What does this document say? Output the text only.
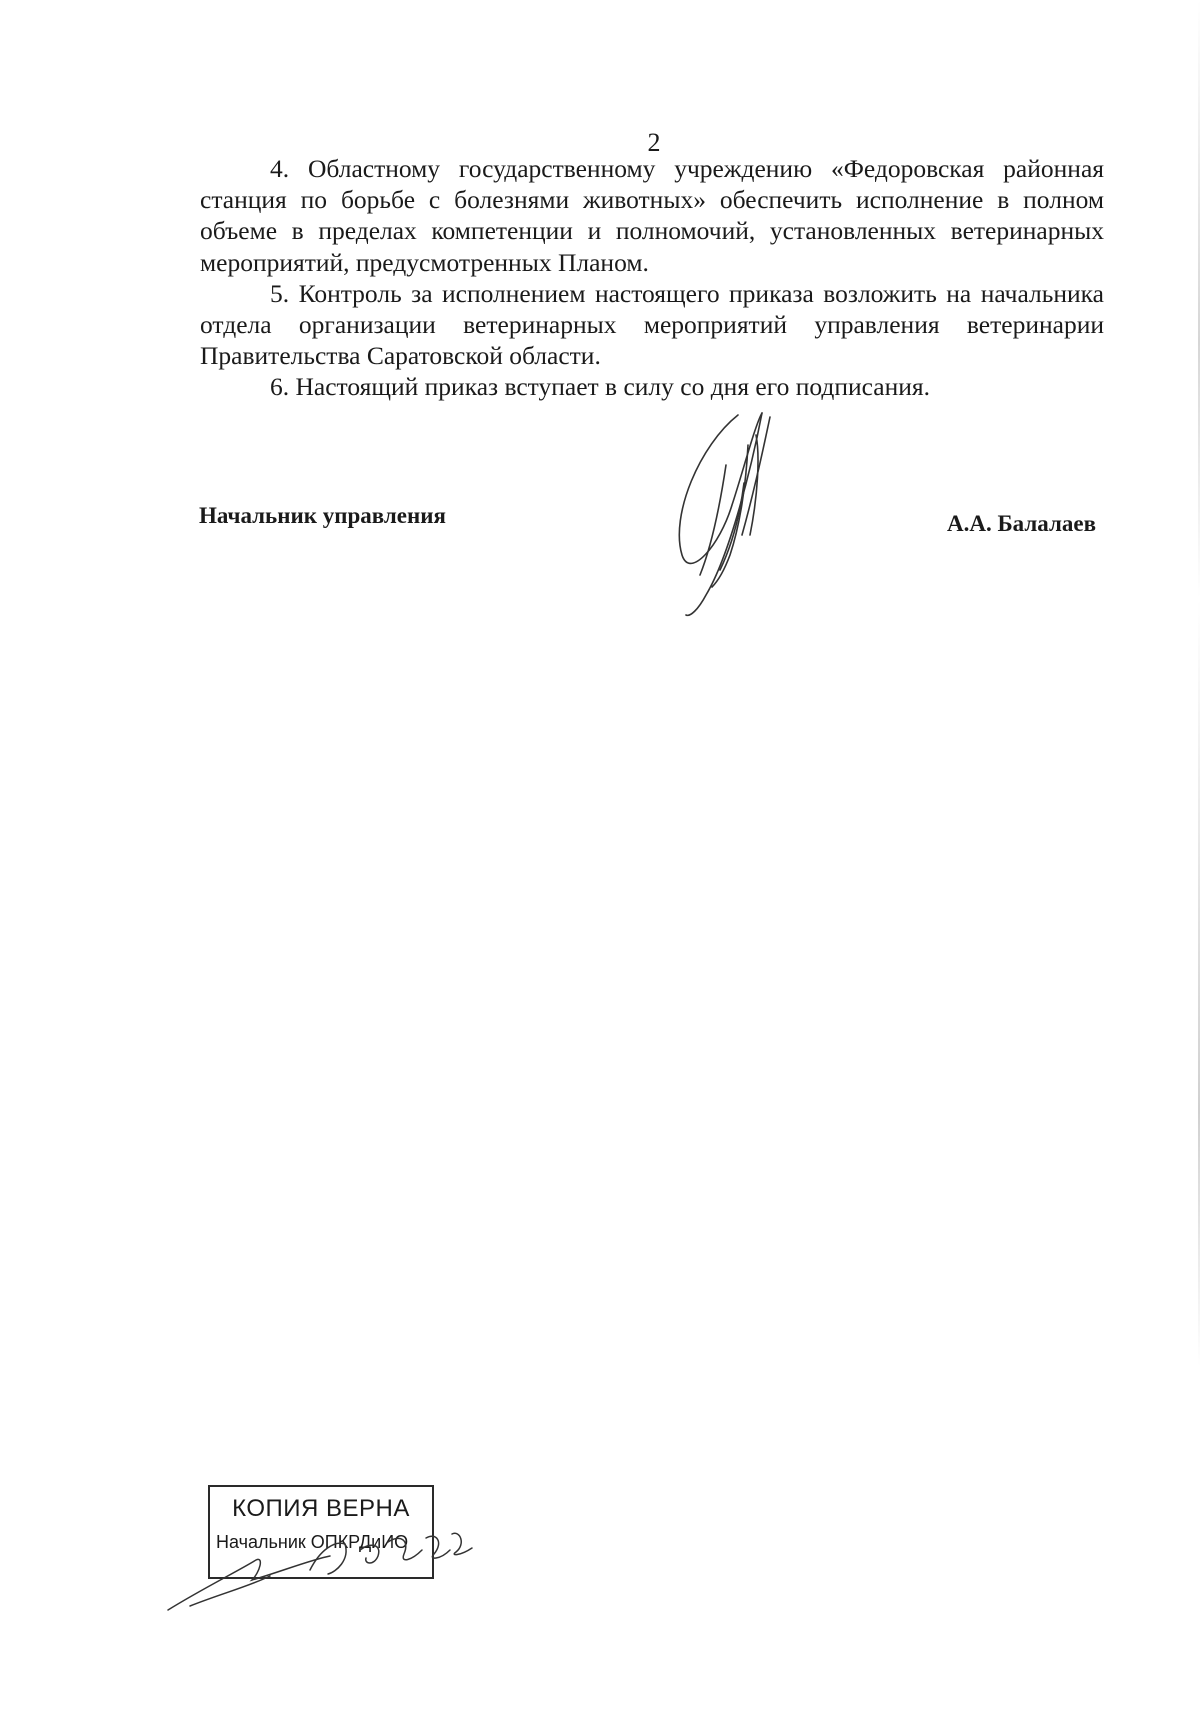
2

4. Областному государственному учреждению «Федоровская районная станция по борьбе с болезнями животных» обеспечить исполнение в полном объеме в пределах компетенции и полномочий, установленных ветеринарных мероприятий, предусмотренных Планом.

5. Контроль за исполнением настоящего приказа возложить на начальника отдела организации ветеринарных мероприятий управления ветеринарии Правительства Саратовской области.

6. Настоящий приказ вступает в силу со дня его подписания.

Начальник управления	А.А. Балалаев
КОПИЯ ВЕРНА
Начальник ОПКРДиИО
